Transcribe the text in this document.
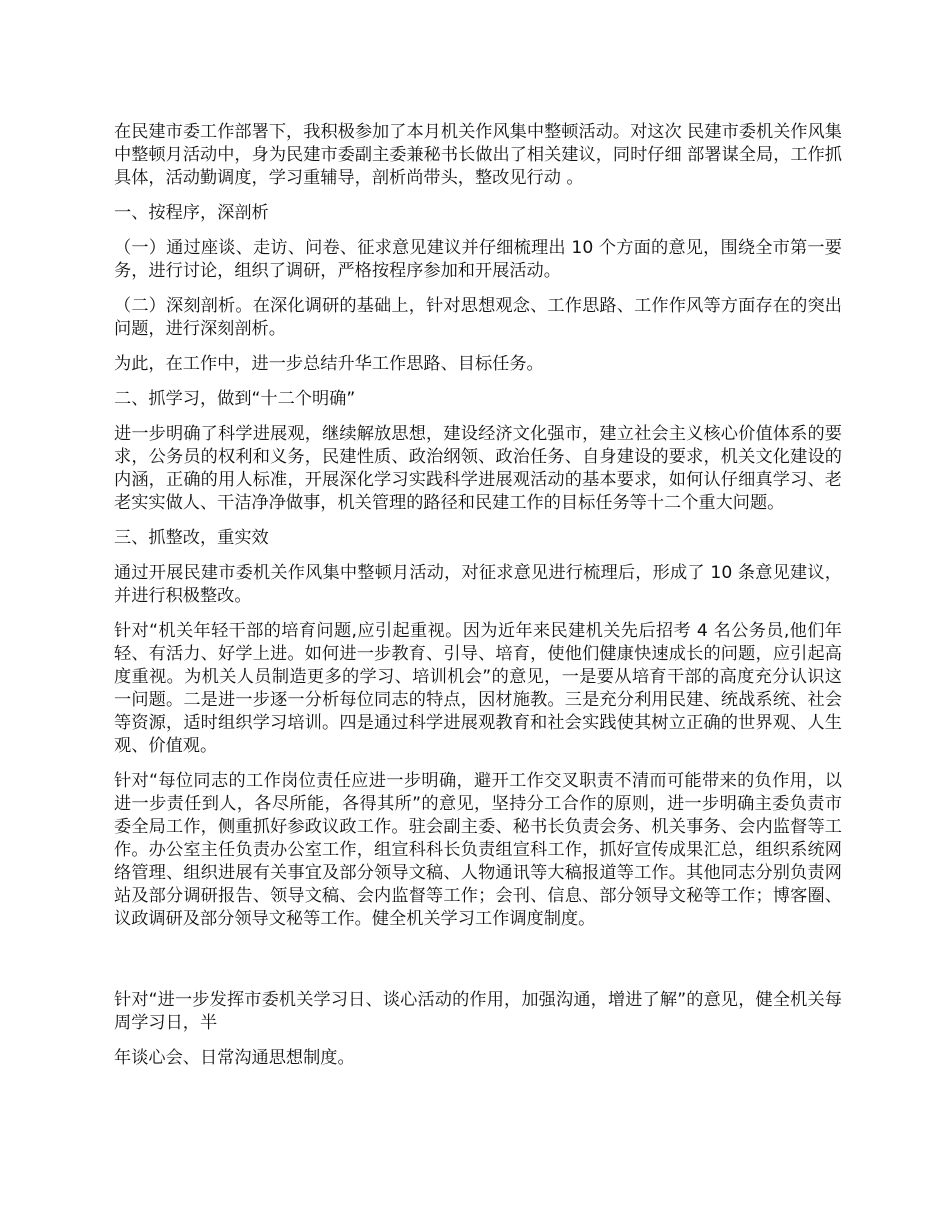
在民建市委工作部署下，我积极参加了本月机关作风集中整顿活动。对这次 民建市委机关作风集中整顿月活动中，身为民建市委副主委兼秘书长做出了相关建议，同时仔细 部署谋全局，工作抓具体，活动勤调度，学习重辅导，剖析尚带头，整改见行动 。

一、按程序，深剖析

（一）通过座谈、走访、问卷、征求意见建议并仔细梳理出 10 个方面的意见，围绕全市第一要务，进行讨论，组织了调研，严格按程序参加和开展活动。

（二）深刻剖析。在深化调研的基础上，针对思想观念、工作思路、工作作风等方面存在的突出问题，进行深刻剖析。

为此，在工作中，进一步总结升华工作思路、目标任务。

二、抓学习，做到“十二个明确”

进一步明确了科学进展观，继续解放思想，建设经济文化强市，建立社会主义核心价值体系的要求，公务员的权利和义务，民建性质、政治纲领、政治任务、自身建设的要求，机关文化建设的内涵，正确的用人标准，开展深化学习实践科学进展观活动的基本要求，如何认仔细真学习、老老实实做人、干洁净净做事，机关管理的路径和民建工作的目标任务等十二个重大问题。

三、抓整改，重实效

通过开展民建市委机关作风集中整顿月活动，对征求意见进行梳理后，形成了 10 条意见建议，并进行积极整改。

针对“机关年轻干部的培育问题,应引起重视。因为近年来民建机关先后招考 4 名公务员,他们年轻、有活力、好学上进。如何进一步教育、引导、培育，使他们健康快速成长的问题，应引起高度重视。为机关人员制造更多的学习、培训机会”的意见，一是要从培育干部的高度充分认识这一问题。二是进一步逐一分析每位同志的特点，因材施教。三是充分利用民建、统战系统、社会等资源，适时组织学习培训。四是通过科学进展观教育和社会实践使其树立正确的世界观、人生观、价值观。

针对“每位同志的工作岗位责任应进一步明确，避开工作交叉职责不清而可能带来的负作用，以进一步责任到人，各尽所能，各得其所”的意见，坚持分工合作的原则，进一步明确主委负责市委全局工作，侧重抓好参政议政工作。驻会副主委、秘书长负责会务、机关事务、会内监督等工作。办公室主任负责办公室工作，组宣科科长负责组宣科工作，抓好宣传成果汇总，组织系统网络管理、组织进展有关事宜及部分领导文稿、人物通讯等大稿报道等工作。其他同志分别负责网站及部分调研报告、领导文稿、会内监督等工作；会刊、信息、部分领导文秘等工作；博客圈、议政调研及部分领导文秘等工作。健全机关学习工作调度制度。

针对“进一步发挥市委机关学习日、谈心活动的作用，加强沟通，增进了解”的意见，健全机关每周学习日，半

年谈心会、日常沟通思想制度。
